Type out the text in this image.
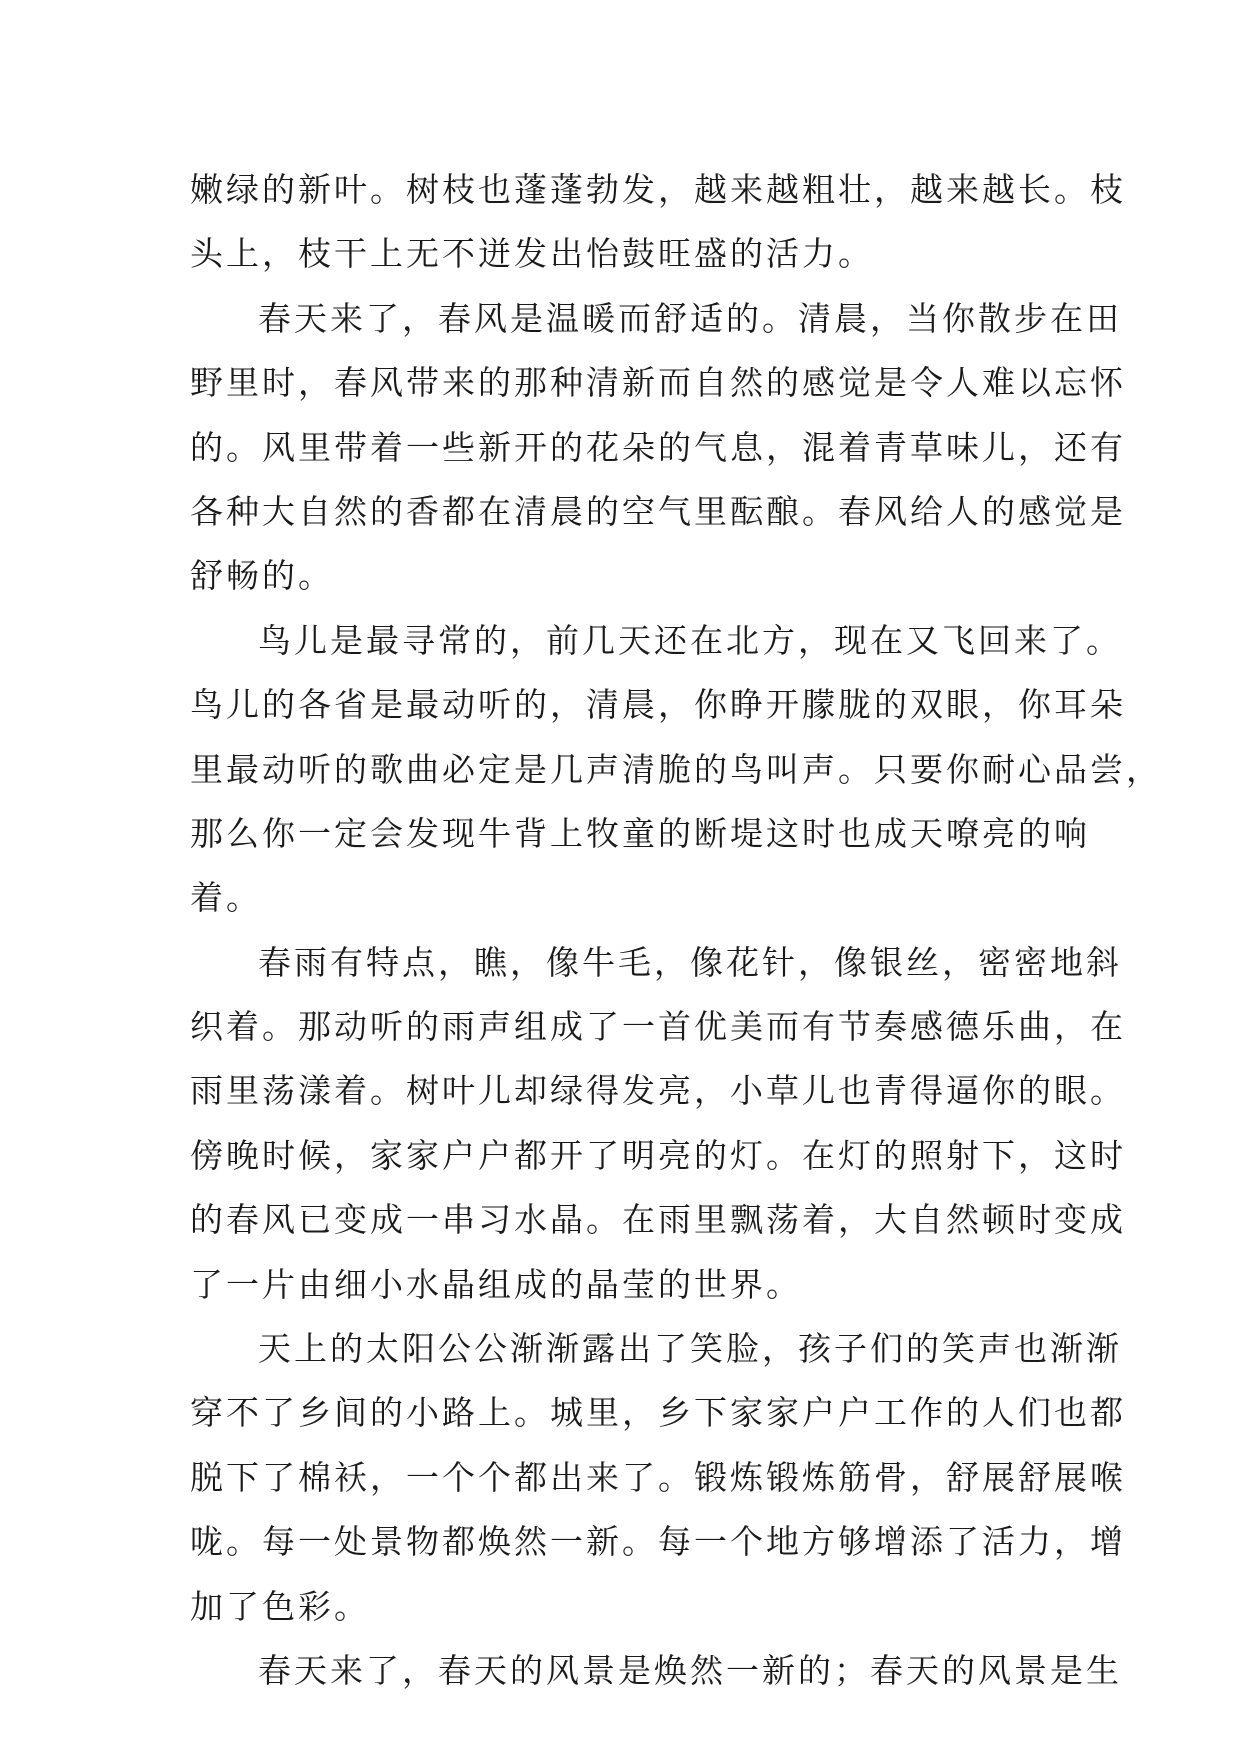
嫩绿的新叶。树枝也蓬蓬勃发，越来越粗壮，越来越长。枝
头上，枝干上无不迸发出怡鼓旺盛的活力。
春天来了，春风是温暖而舒适的。清晨，当你散步在田
野里时，春风带来的那种清新而自然的感觉是令人难以忘怀
的。风里带着一些新开的花朵的气息，混着青草味儿，还有
各种大自然的香都在清晨的空气里酝酿。春风给人的感觉是
舒畅的。
鸟儿是最寻常的，前几天还在北方，现在又飞回来了。
鸟儿的各省是最动听的，清晨，你睁开朦胧的双眼，你耳朵
里最动听的歌曲必定是几声清脆的鸟叫声。只要你耐心品尝，
那么你一定会发现牛背上牧童的断堤这时也成天嘹亮的响
着。
春雨有特点，瞧，像牛毛，像花针，像银丝，密密地斜
织着。那动听的雨声组成了一首优美而有节奏感德乐曲，在
雨里荡漾着。树叶儿却绿得发亮，小草儿也青得逼你的眼。
傍晚时候，家家户户都开了明亮的灯。在灯的照射下，这时
的春风已变成一串习水晶。在雨里飘荡着，大自然顿时变成
了一片由细小水晶组成的晶莹的世界。
天上的太阳公公渐渐露出了笑脸，孩子们的笑声也渐渐
穿不了乡间的小路上。城里，乡下家家户户工作的人们也都
脱下了棉袄，一个个都出来了。锻炼锻炼筋骨，舒展舒展喉
咙。每一处景物都焕然一新。每一个地方够增添了活力，增
加了色彩。
春天来了，春天的风景是焕然一新的；春天的风景是生
